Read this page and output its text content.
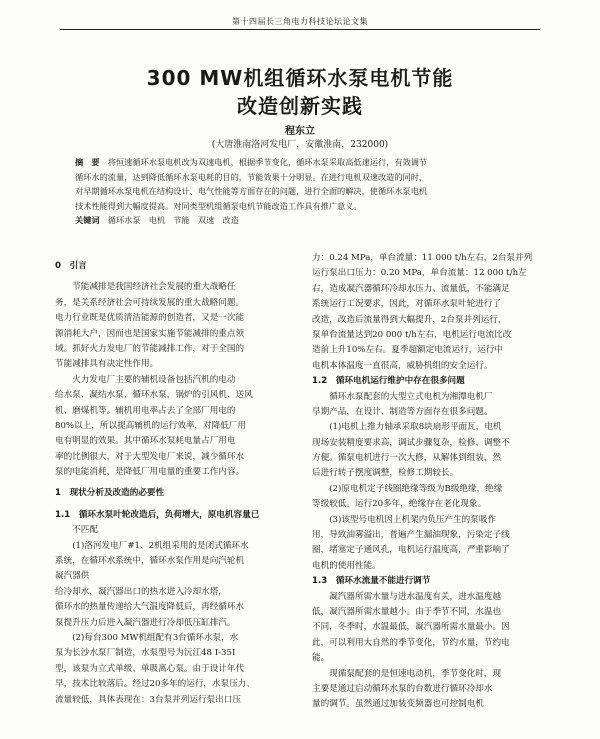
第十四届长三角电力科技论坛论文集
300 MW机组循环水泵电机节能
改造创新实践
程东立
(大唐淮南洛河发电厂，安徽淮南，232000)
摘　要　 将恒速循环水泵电机改为双速电机，根据季节变化，循环水泵采取高低速运行，有效调节
循环水的流量，达到降低循环水泵电耗的目的，节能效果十分明显。在进行电机双速改造的同时，
对早期循环水泵电机在结构设计、电气性能等方面存在的问题，进行全面的解决，使循环水泵电机
技术性能得到大幅度提高。对同类型机组循泵电机节能改造工作具有推广意义。
关键词　 循环水泵　电机　节能　双速　改造
0　引言
　　节能减排是我国经济社会发展的重大战略任
务，是关系经济社会可持续发展的重大战略问题。
电力行业既是优质清洁能源的创造者，又是一次能
源消耗大户，因而也是国家实施节能减排的重点领
域。抓好火力发电厂的节能减排工作，对于全国的
节能减排具有决定性作用。
　　火力发电厂主要的辅机设备包括汽机的电动
给水泵、凝结水泵、循环水泵，锅炉的引风机、送风
机、磨煤机等。辅机用电率占去了全部厂用电的
80%以上，所以提高辅机的运行效率，对降低厂用
电有明显的效果。其中循环水泵耗电量占厂用电
率的比例很大，对于大型发电厂来说，减少循环水
泵的电能消耗，是降低厂用电量的重要工作内容。
1　现状分析及改造的必要性
1.1　循环水泵叶轮改造后，负荷增大，原电机容量已
　　不匹配
　　(1)洛河发电厂#1、2机组采用的是闭式循环水
系统，在循环水系统中，循环水泵作用是向汽轮机
凝汽器供
给冷却水，凝汽器出口的热水进入冷却水塔，
循环水的热量传递给大气温度降低后，再经循环水
泵提升压力后进入凝汽器进行冷却低压缸排汽。
　　(2)每台300 MW机组配有3台循环水泵，水
泵为长沙水泵厂制造，水泵型号为沅江48 Ⅰ-35Ⅰ
型，该泵为立式单级、单吸离心泵。由于设计年代
早，技术比较落后。经过20多年的运行，水泵压力、
流量较低，具体表现在：3台泵并列运行泵出口压
力：0.24 MPa，单台流量：11 000 t/h左右，2台泵并列
运行泵出口压力：0.20 MPa，单台流量：12 000 t/h左
右，造成凝汽器循环冷却水压力、流量低，不能满足
系统运行工况要求，因此，对循环水泵叶轮进行了
改造，改造后流量得到大幅提升，2台泵并列运行，
泵单台流量达到20 000 t/h左右，电机运行电流比改
造前上升10%左右。夏季超额定电流运行，运行中
电机本体温度一直很高，威胁机组的安全运行。
1.2　循环电机运行维护中存在很多问题
　　循环水泵配套的大型立式电机为湘潭电机厂
早期产品，在设计、制造等方面存在很多问题。
　　(1)电机上推力轴承采取8块扇形平面瓦，电机
现场安装精度要求高，调试步骤复杂，检修、调整不
方便。循泵电机进行一次大修，从解体到组装，然
后进行转子摆度调整，检修工期较长。
　　(2)原电机定子线圈绝缘等级为B级绝缘，绝缘
等级较低。运行20多年，绝缘存在老化现象。
　　(3)该型号电机因上机架内负压产生的泵吸作
用，导致油雾溢出，普遍产生漏油现象，污染定子线
圈，堵塞定子通风孔，电机运行温度高，严重影响了
电机的使用性能。
1.3　循环水流量不能进行调节
　　凝汽器所需水量与进水温度有关，进水温度越
低，凝汽器所需水量越小。由于季节不同，水温也
不同，冬季时，水温最低，凝汽器所需水量最小。因
此，可以利用大自然的季节变化，节约水量，节约电
能。
　　现循泵配套的是恒速电动机，季节变化时，现
主要是通过启动循环水泵的台数进行循环冷却水
量的调节。虽然通过加装变频器也可控制电机
